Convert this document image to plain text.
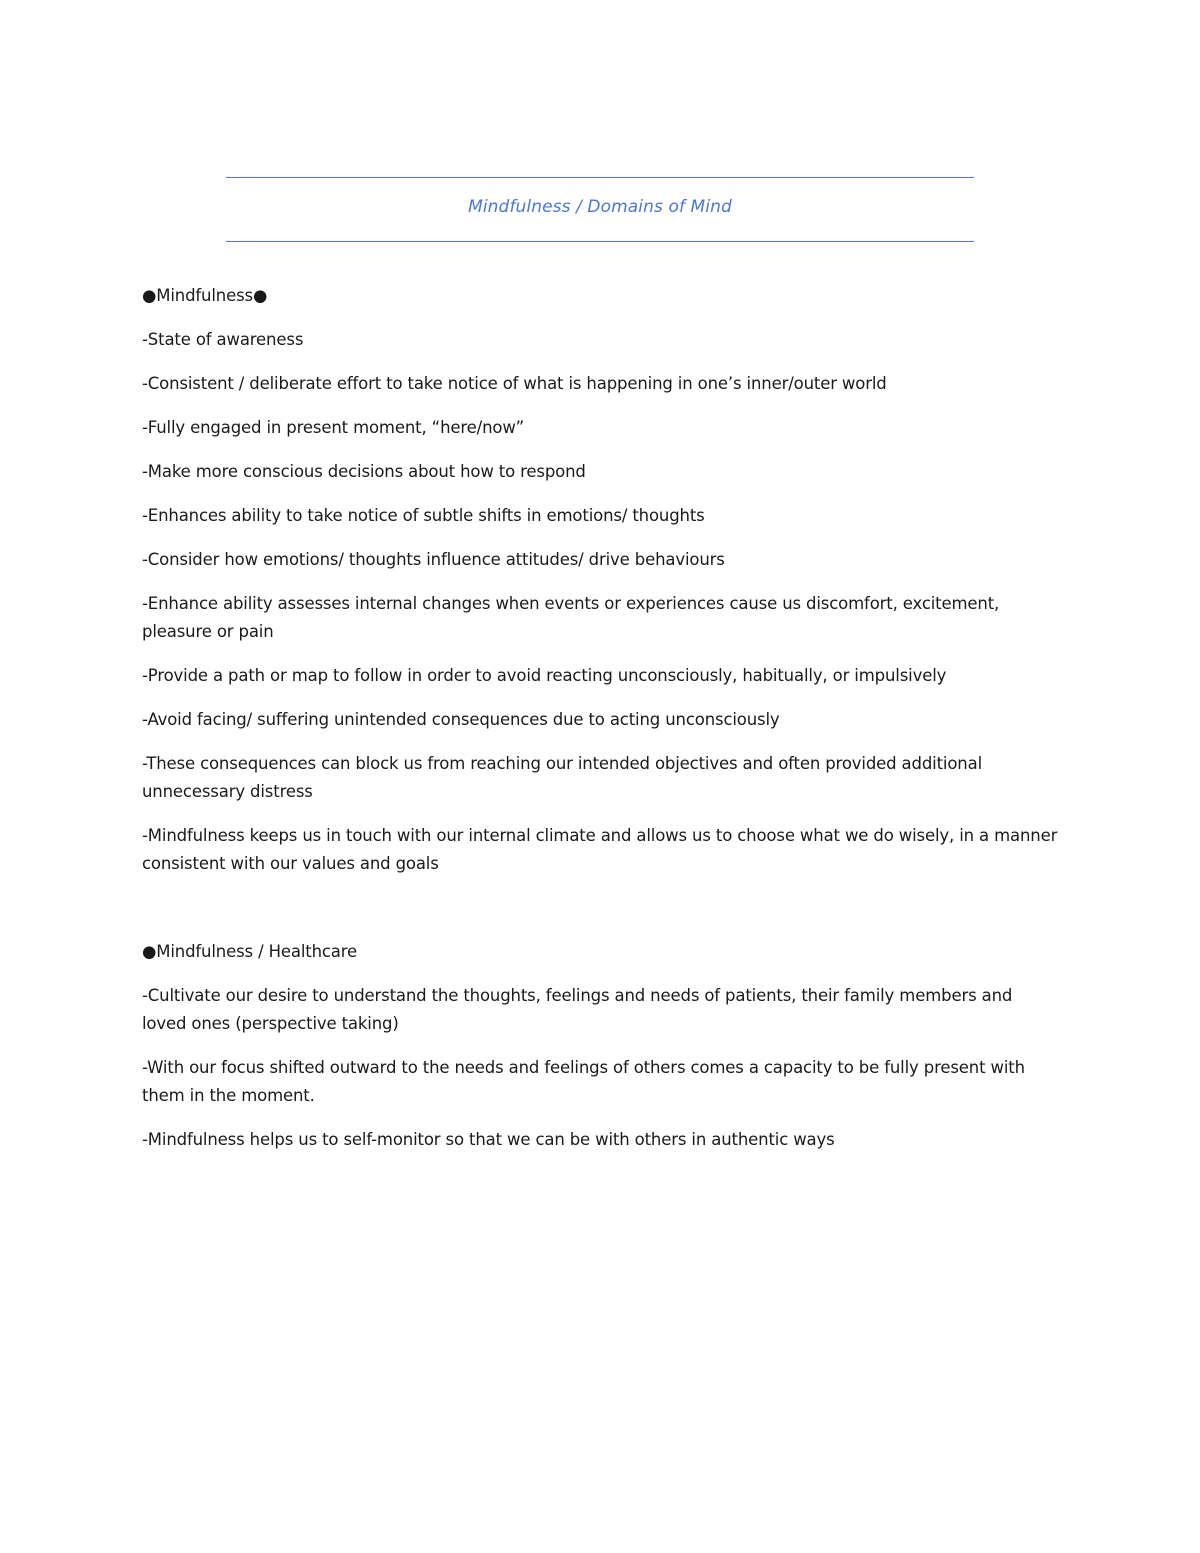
Mindfulness / Domains of Mind

●Mindfulness●

-State of awareness

-Consistent / deliberate effort to take notice of what is happening in one’s inner/outer world

-Fully engaged in present moment, “here/now”

-Make more conscious decisions about how to respond

-Enhances ability to take notice of subtle shifts in emotions/ thoughts

-Consider how emotions/ thoughts influence attitudes/ drive behaviours

-Enhance ability assesses internal changes when events or experiences cause us discomfort, excitement, pleasure or pain

-Provide a path or map to follow in order to avoid reacting unconsciously, habitually, or impulsively

-Avoid facing/ suffering unintended consequences due to acting unconsciously

-These consequences can block us from reaching our intended objectives and often provided additional unnecessary distress

-Mindfulness keeps us in touch with our internal climate and allows us to choose what we do wisely, in a manner consistent with our values and goals

●Mindfulness / Healthcare

-Cultivate our desire to understand the thoughts, feelings and needs of patients, their family members and loved ones (perspective taking)

-With our focus shifted outward to the needs and feelings of others comes a capacity to be fully present with them in the moment.

-Mindfulness helps us to self-monitor so that we can be with others in authentic ways
